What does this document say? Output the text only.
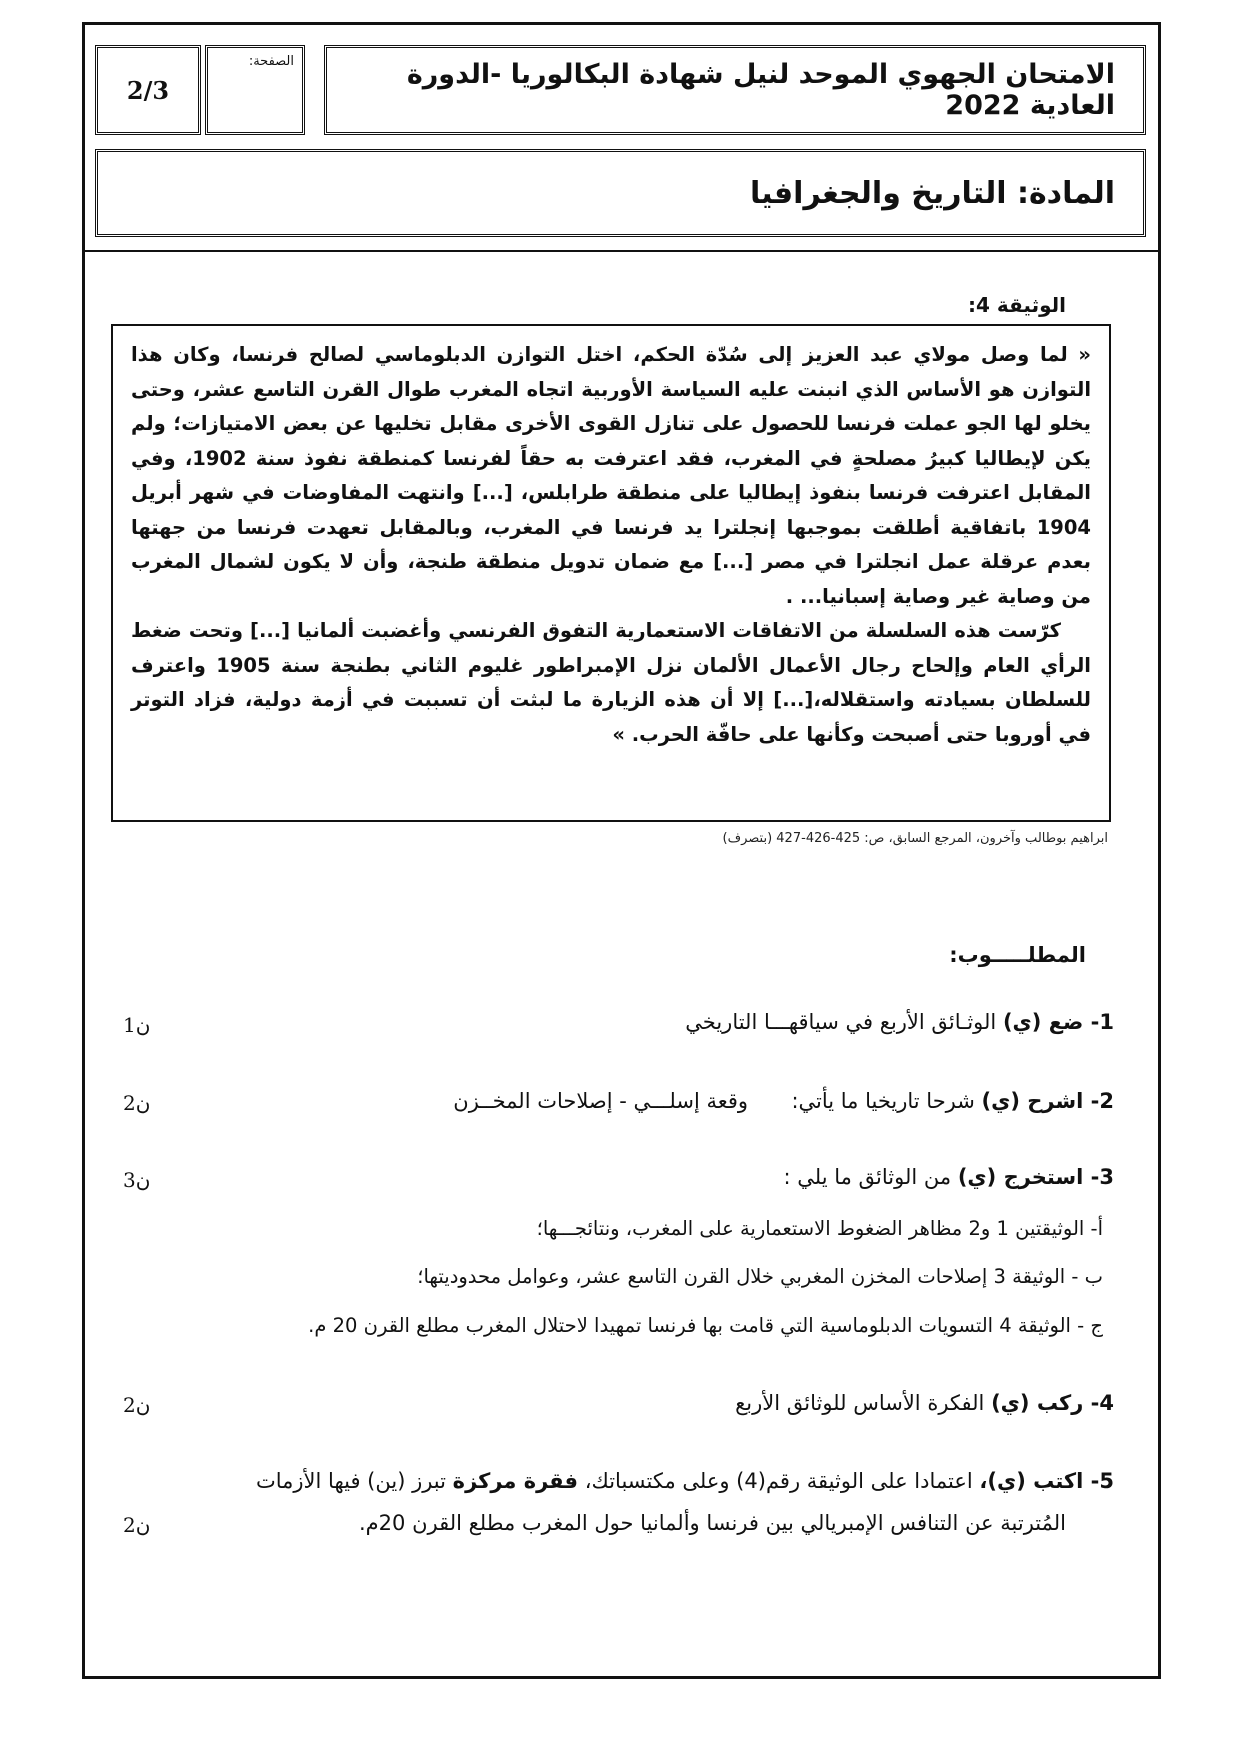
الامتحان الجهوي الموحد لنيل شهادة البكالوريا -الدورة العادية 2022
الصفحة:
2/3
المادة: التاريخ والجغرافيا
الوثيقة 4:

« لما وصل مولاي عبد العزيز إلى سُدّة الحكم، اختل التوازن الدبلوماسي لصالح فرنسا، وكان هذا التوازن هو الأساس الذي انبنت عليه السياسة الأوربية اتجاه المغرب طوال القرن التاسع عشر، وحتى يخلو لها الجو عملت فرنسا للحصول على تنازل القوى الأخرى مقابل تخليها عن بعض الامتيازات؛ ولم يكن لإيطاليا كبيرُ مصلحةٍ في المغرب، فقد اعترفت به حقاً لفرنسا كمنطقة نفوذ سنة 1902، وفي المقابل اعترفت فرنسا بنفوذ إيطاليا على منطقة طرابلس، [...] وانتهت المفاوضات في شهر أبريل 1904 باتفاقية أطلقت بموجبها إنجلترا يد فرنسا في المغرب، وبالمقابل تعهدت فرنسا من جهتها بعدم عرقلة عمل انجلترا في مصر [...] مع ضمان تدويل منطقة طنجة، وأن لا يكون لشمال المغرب من وصاية غير وصاية إسبانيا... .

كرّست هذه السلسلة من الاتفاقات الاستعمارية التفوق الفرنسي وأغضبت ألمانيا [...] وتحت ضغط الرأي العام وإلحاح رجال الأعمال الألمان نزل الإمبراطور غليوم الثاني بطنجة سنة 1905 واعترف للسلطان بسيادته واستقلاله،[...] إلا أن هذه الزيارة ما لبثت أن تسببت في أزمة دولية، فزاد التوتر في أوروبا حتى أصبحت وكأنها على حافّة الحرب. »

ابراهيم بوطالب وآخرون، المرجع السابق، ص: 425-426-427 (بتصرف)
المطلـــــوب:
1- ضع (ي) الوثـائق الأربع في سياقهـــا التاريخي
1ن
2- اشرح (ي) شرحا تاريخيا ما يأتي:  وقعة إسلـــي - إصلاحات المخــزن
2ن
3- استخرج (ي) من الوثائق ما يلي :
3ن
أ- الوثيقتين 1 و2 مظاهر الضغوط الاستعمارية على المغرب، ونتائجـــها؛
ب - الوثيقة 3 إصلاحات المخزن المغربي خلال القرن التاسع عشر، وعوامل محدوديتها؛
ج - الوثيقة 4 التسويات الدبلوماسية التي قامت بها فرنسا تمهيدا لاحتلال المغرب مطلع القرن 20 م.
4- ركب (ي) الفكرة الأساس للوثائق الأربع
2ن
5- اكتب (ي)، اعتمادا على الوثيقة رقم(4) وعلى مكتسباتك، فقرة مركزة تبرز (ين) فيها الأزمات
المُترتبة عن التنافس الإمبريالي بين فرنسا وألمانيا حول المغرب مطلع القرن 20م.
2ن
